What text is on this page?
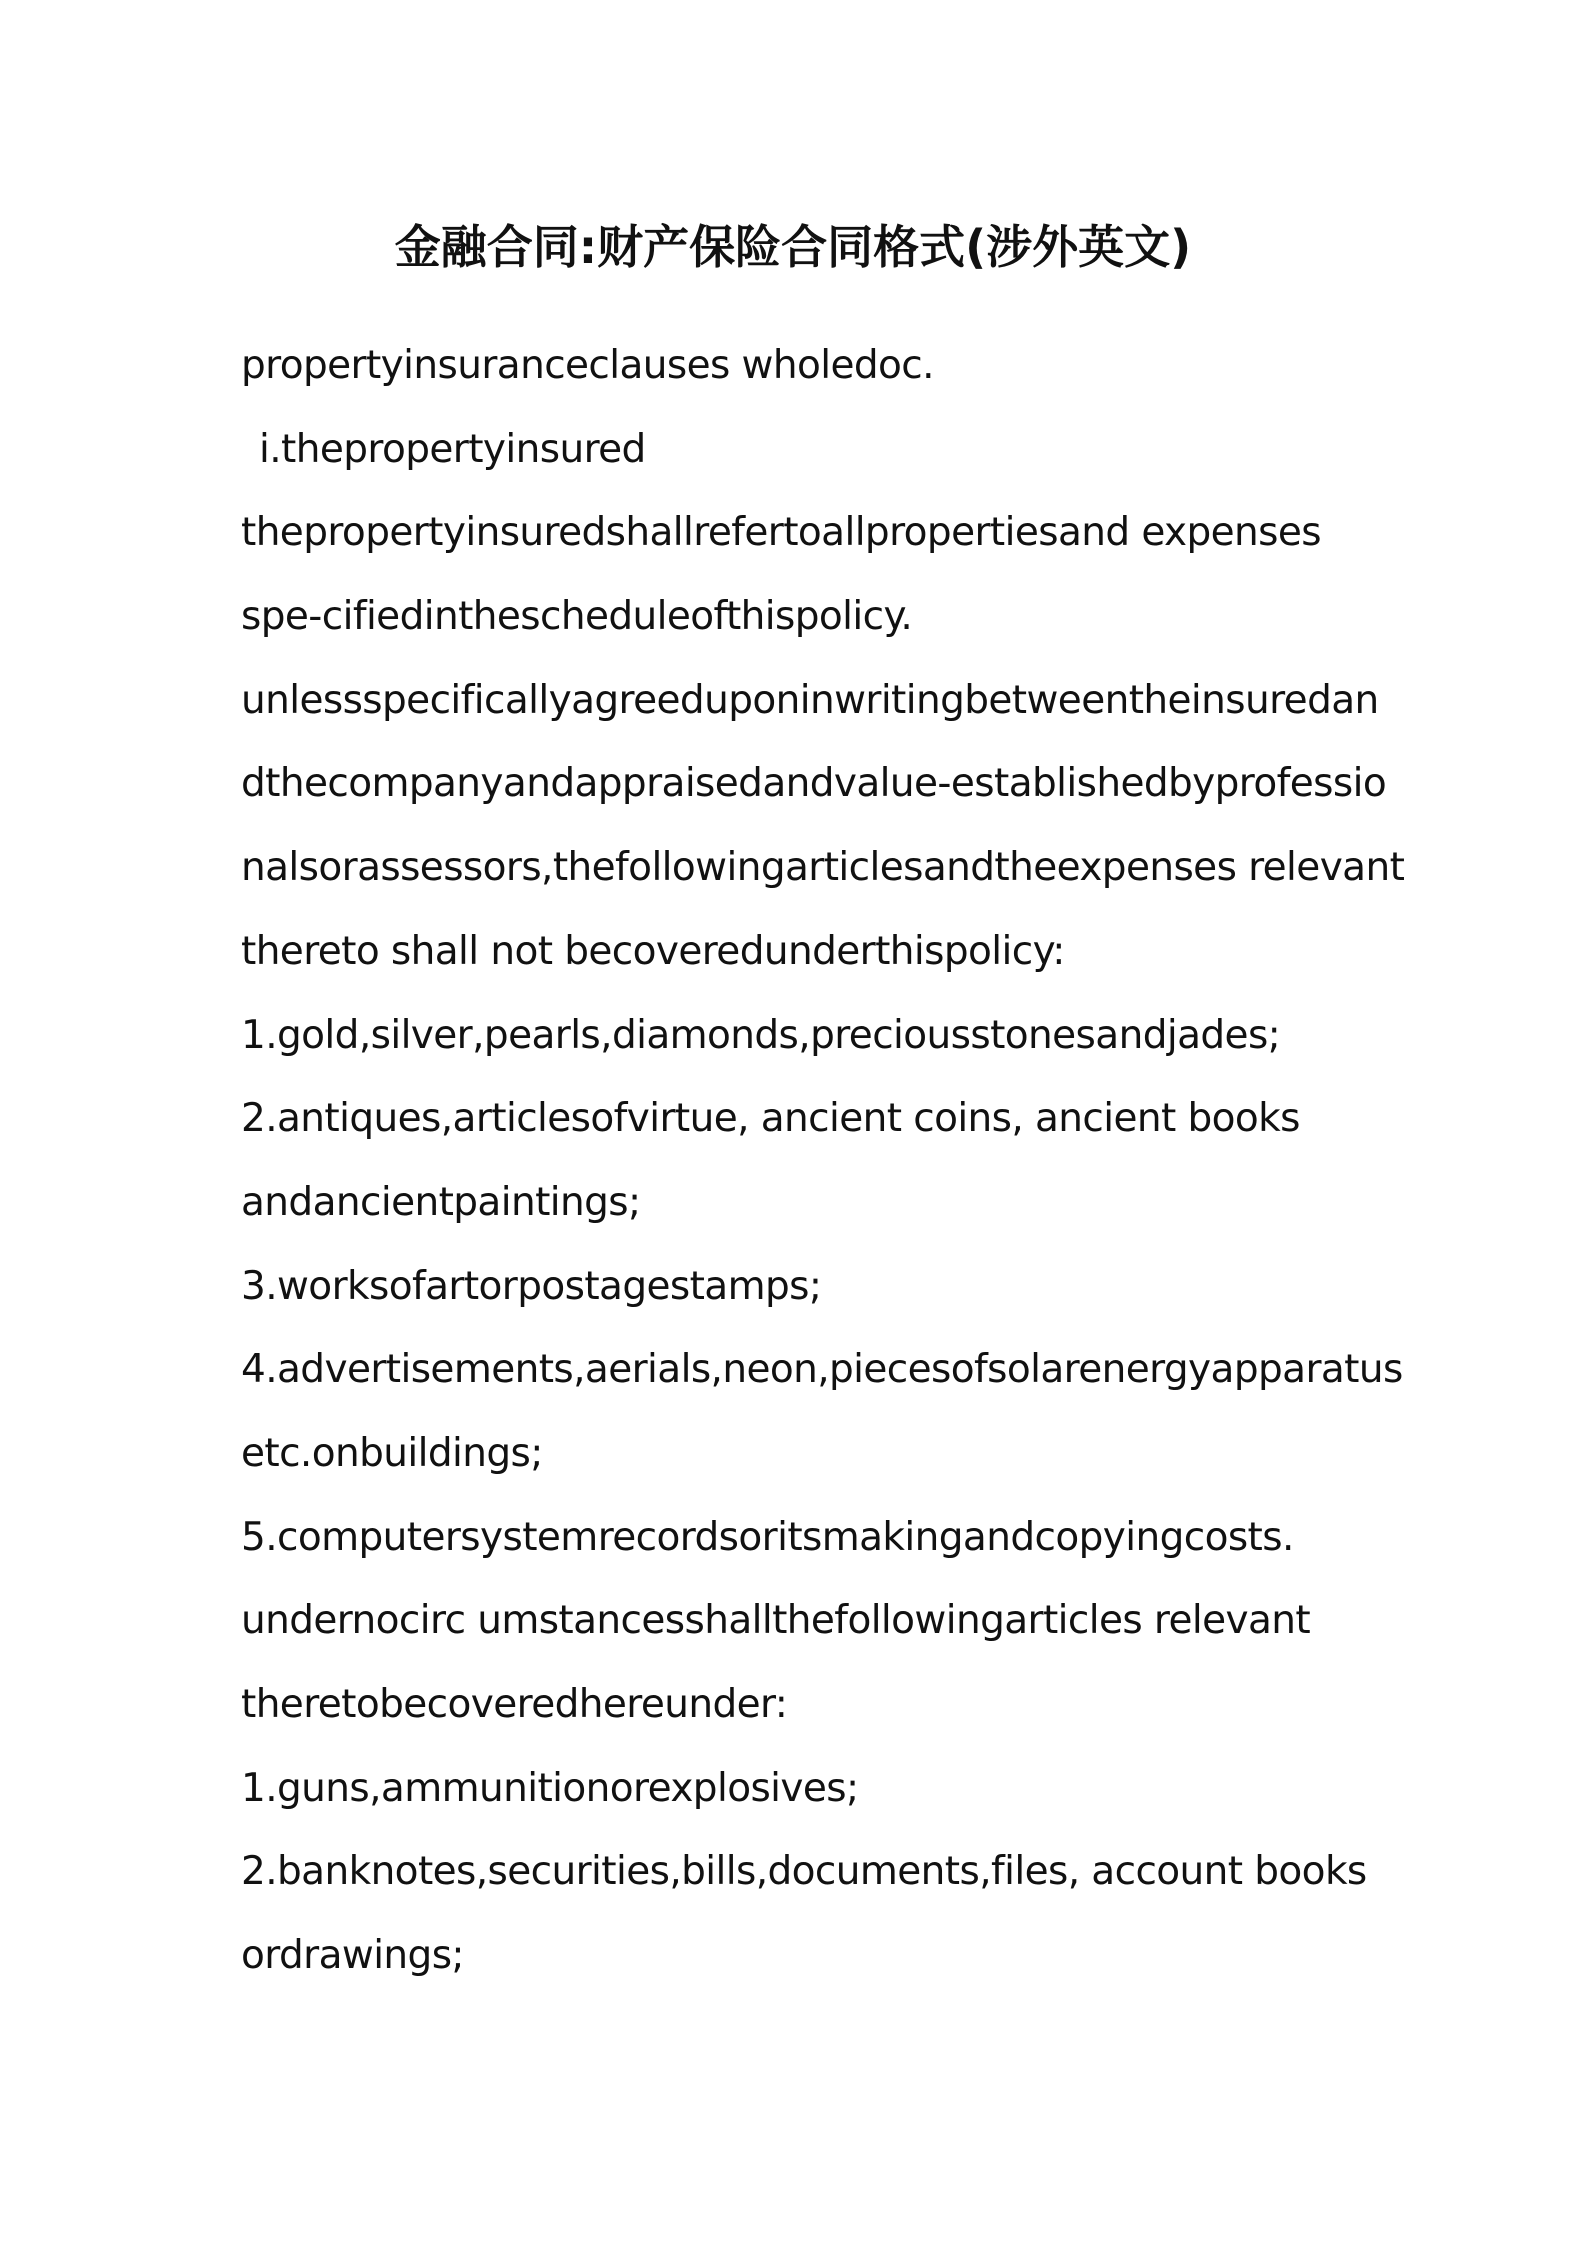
金融合同:财产保险合同格式(涉外英文)
propertyinsuranceclauses wholedoc.
i.thepropertyinsured
thepropertyinsuredshallrefertoallpropertiesand expenses
spe-cifiedinthescheduleofthispolicy.
unlessspecificallyagreeduponinwritingbetweentheinsuredan
dthecompanyandappraisedandvalue-establishedbyprofessio
nalsorassessors,thefollowingarticlesandtheexpenses relevant
thereto shall not becoveredunderthispolicy:
1.gold,silver,pearls,diamonds,preciousstonesandjades;
2.antiques,articlesofvirtue, ancient coins, ancient books
andancientpaintings;
3.worksofartorpostagestamps;
4.advertisements,aerials,neon,piecesofsolarenergyapparatus
etc.onbuildings;
5.computersystemrecordsoritsmakingandcopyingcosts.
undernocirc umstancesshallthefollowingarticles relevant
theretobecoveredhereunder:
1.guns,ammunitionorexplosives;
2.banknotes,securities,bills,documents,files, account books
ordrawings;
